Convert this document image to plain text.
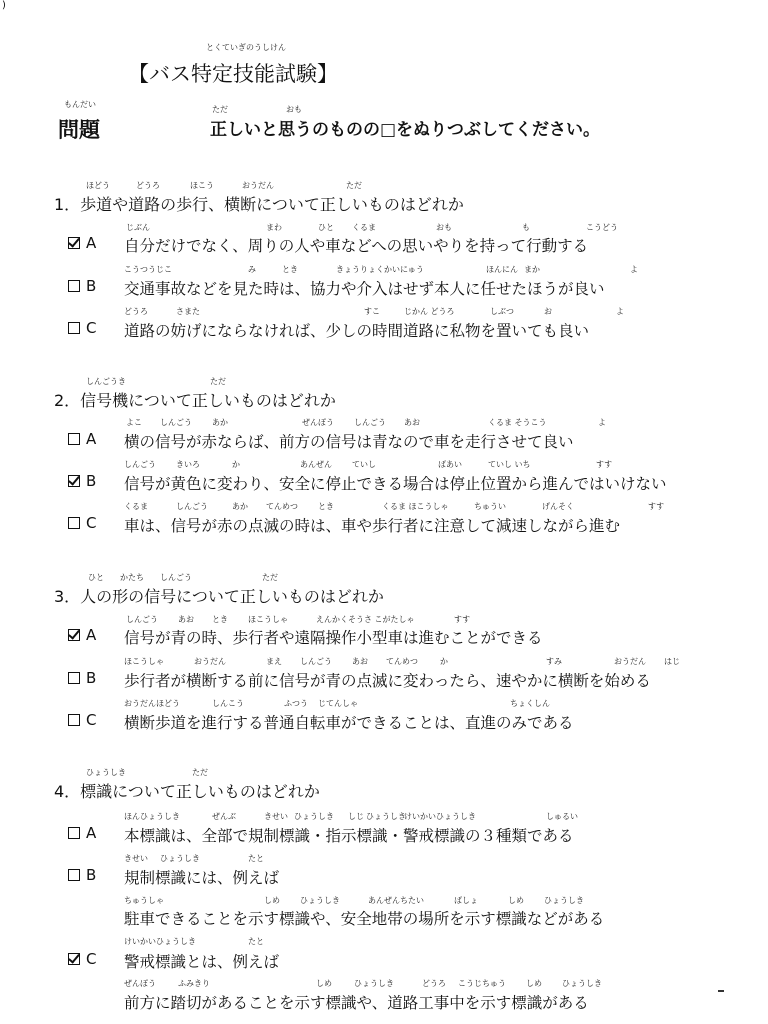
)
とくていぎのうしけん
【バス特定技能試験】
もんだい
問題
ただ	おも
正しいと思うのものの□をぬりつぶしてください。
ほどう	どうろ	ほこう	おうだん	ただ
1．歩道や道路の歩行、横断について正しいものはどれか
じぶん	まわ	ひと くるま	おも	も	こうどう
A 自分だけでなく、周りの人や車などへの思いやりを持って行動する
こうつうじこ	み	とき	きょうりょくかいにゅう	ほんにん まか	よ
B 交通事故などを見た時は、協力や介入はせず本人に任せたほうが良い
どうろ	さまた	すこ	じかん どうろ	しぶつ	お	よ
C 道路の妨げにならなければ、少しの時間道路に私物を置いても良い
しんごうき	ただ
2．信号機について正しいものはどれか
よこ しんごう	あか	ぜんぽう	しんごう あお	くるま そうこう	よ
A 横の信号が赤ならば、前方の信号は青なので車を走行させて良い
しんごう	きいろ	か	あんぜん	ていし	ばあい	ていし いち	すす
B 信号が黄色に変わり、安全に停止できる場合は停止位置から進んではいけない
くるま	しんごう	あか てんめつ	とき	くるま ほこうしゃ	ちゅうい	げんそく	すす
C 車は、信号が赤の点滅の時は、車や歩行者に注意して減速しながら進む
ひと かたち しんごう	ただ
3．人の形の信号について正しいものはどれか
しんごう	あお とき	ほこうしゃ	えんかくそうさ こがたしゃ	すす
A 信号が青の時、歩行者や遠隔操作小型車は進むことができる
ほこうしゃ	おうだん	まえ しんごう	あお てんめつ	か	すみ	おうだん はじ
B 歩行者が横断する前に信号が青の点滅に変わったら、速やかに横断を始める
おうだんほどう	しんこう	ふつう じてんしゃ	ちょくしん
C 横断歩道を進行する普通自転車ができることは、直進のみである
ひょうしき	ただ
4．標識について正しいものはどれか
ほんひょうしき	ぜんぶ	きせい ひょうしき しじ ひょうしき
けいかいひょうしき	しゅるい
A 本標識は、全部で規制標識・指示標識・警戒標識の３種類である
きせい ひょうしき	たと
B 規制標識には、例えば
ちゅうしゃ	しめ	ひょうしき	あんぜんちたい	ばしょ	しめ	ひょうしき
駐車できることを示す標識や、安全地帯の場所を示す標識などがある
けいかいひょうしき	たと
C 警戒標識とは、例えば
ぜんぽう	ふみきり	しめ	ひょうしき	どうろ こうじちゅう	しめ	ひょうしき
前方に踏切があることを示す標識や、道路工事中を示す標識がある
